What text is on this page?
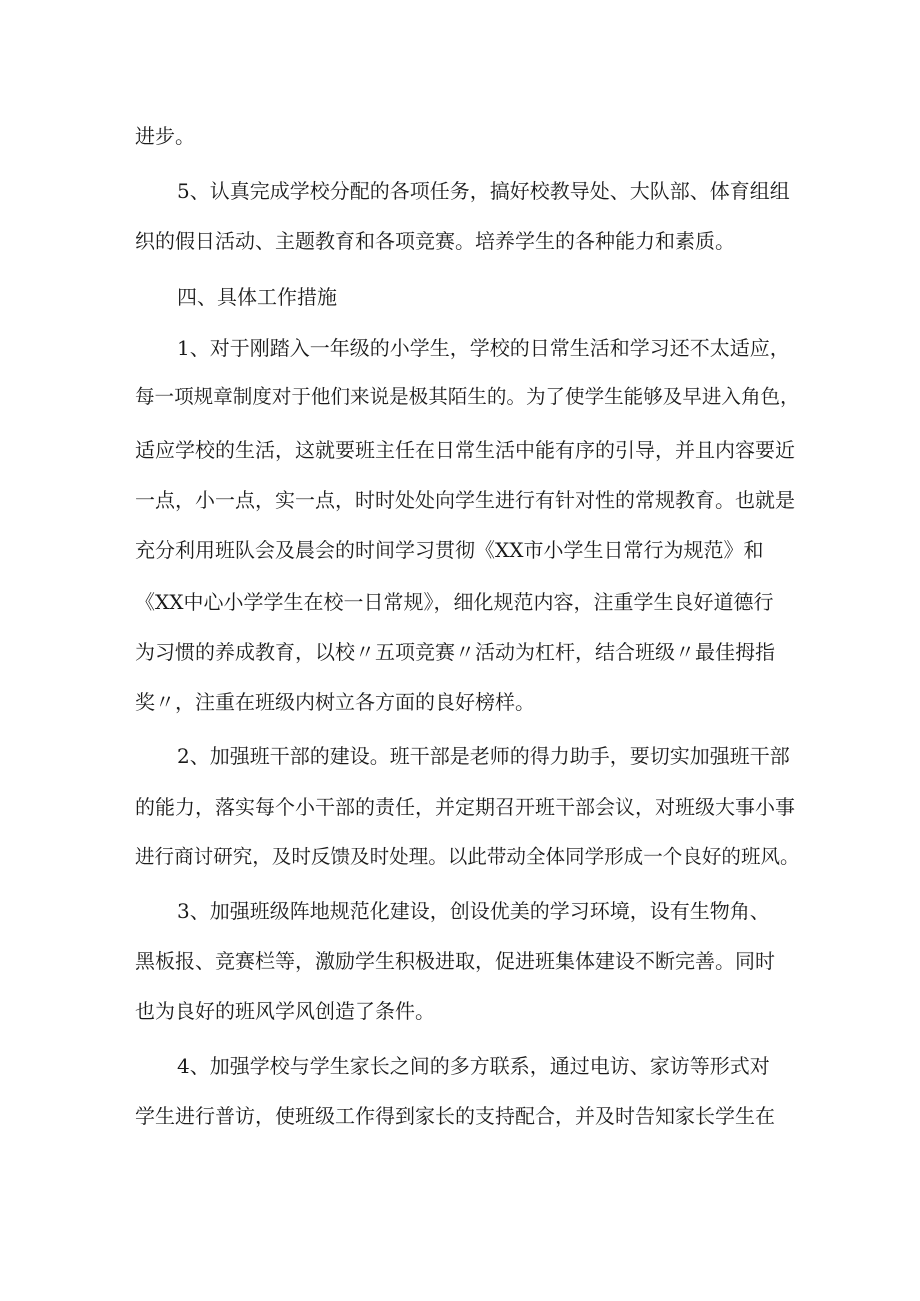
进步。

5、认真完成学校分配的各项任务，搞好校教导处、大队部、体育组组

织的假日活动、主题教育和各项竞赛。培养学生的各种能力和素质。

四、具体工作措施

1、对于刚踏入一年级的小学生，学校的日常生活和学习还不太适应，

每一项规章制度对于他们来说是极其陌生的。为了使学生能够及早进入角色，

适应学校的生活，这就要班主任在日常生活中能有序的引导，并且内容要近

一点，小一点，实一点，时时处处向学生进行有针对性的常规教育。也就是

充分利用班队会及晨会的时间学习贯彻《XX市小学生日常行为规范》和

《XX中心小学学生在校一日常规》，细化规范内容，注重学生良好道德行

为习惯的养成教育，以校〃五项竞赛〃活动为杠杆，结合班级〃最佳拇指

奖〃，注重在班级内树立各方面的良好榜样。

2、加强班干部的建设。班干部是老师的得力助手，要切实加强班干部

的能力，落实每个小干部的责任，并定期召开班干部会议，对班级大事小事

进行商讨研究，及时反馈及时处理。以此带动全体同学形成一个良好的班风。

3、加强班级阵地规范化建设，创设优美的学习环境，设有生物角、

黑板报、竞赛栏等，激励学生积极进取，促进班集体建设不断完善。同时

也为良好的班风学风创造了条件。

4、加强学校与学生家长之间的多方联系，通过电访、家访等形式对

学生进行普访，使班级工作得到家长的支持配合，并及时告知家长学生在
